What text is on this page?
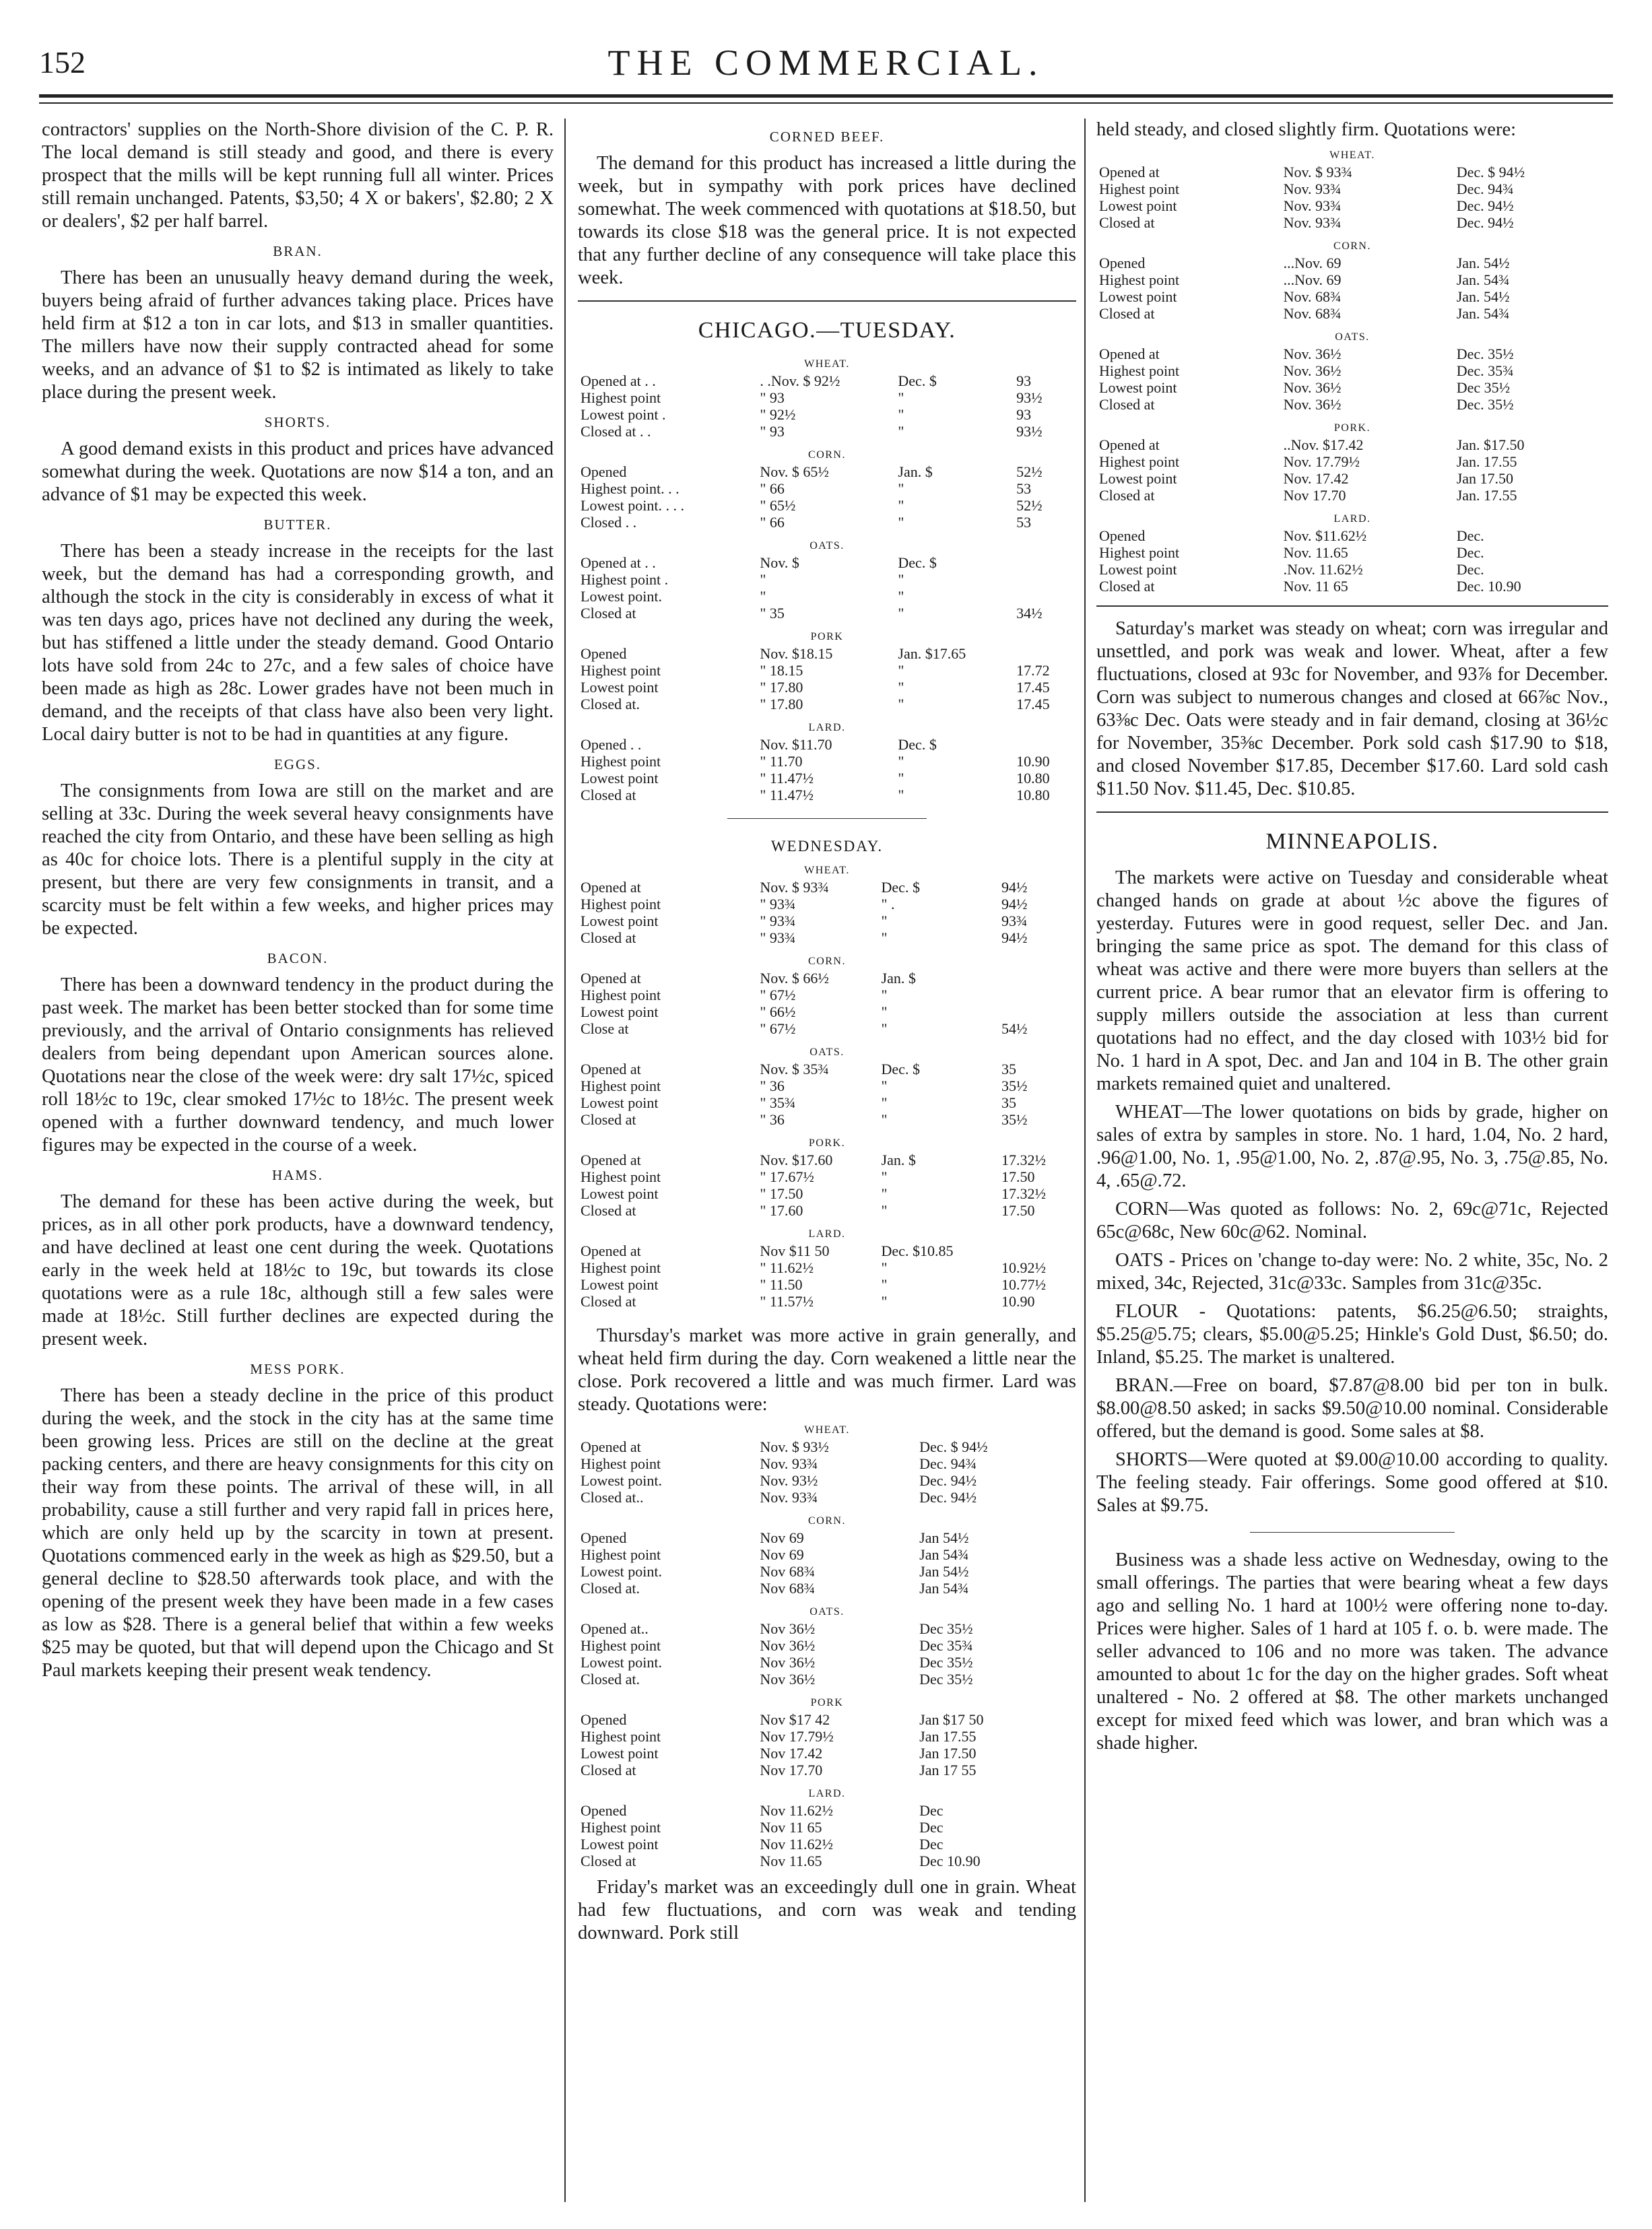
152	THE COMMERCIAL.

contractors' supplies on the North-Shore division of the C. P. R. The local demand is still steady and good, and there is every prospect that the mills will be kept running full all winter. Prices still remain unchanged. Patents, $3,50; 4 X or bakers', $2.80; 2 X or dealers', $2 per half barrel.

BRAN.

There has been an unusually heavy demand during the week, buyers being afraid of further advances taking place. Prices have held firm at $12 a ton in car lots, and $13 in smaller quantities. The millers have now their supply contracted ahead for some weeks, and an advance of $1 to $2 is intimated as likely to take place during the present week.

SHORTS.

A good demand exists in this product and prices have advanced somewhat during the week. Quotations are now $14 a ton, and an advance of $1 may be expected this week.

BUTTER.

There has been a steady increase in the receipts for the last week, but the demand has had a corresponding growth, and although the stock in the city is considerably in excess of what it was ten days ago, prices have not declined any during the week, but has stiffened a little under the steady demand. Good Ontario lots have sold from 24c to 27c, and a few sales of choice have been made as high as 28c. Lower grades have not been much in demand, and the receipts of that class have also been very light. Local dairy butter is not to be had in quantities at any figure.

EGGS.

The consignments from Iowa are still on the market and are selling at 33c. During the week several heavy consignments have reached the city from Ontario, and these have been selling as high as 40c for choice lots. There is a plentiful supply in the city at present, but there are very few consignments in transit, and a scarcity must be felt within a few weeks, and higher prices may be expected.

BACON.

There has been a downward tendency in the product during the past week. The market has been better stocked than for some time previously, and the arrival of Ontario consignments has relieved dealers from being dependant upon American sources alone. Quotations near the close of the week were: dry salt 17½c, spiced roll 18½c to 19c, clear smoked 17½c to 18½c. The present week opened with a further downward tendency, and much lower figures may be expected in the course of a week.

HAMS.

The demand for these has been active during the week, but prices, as in all other pork products, have a downward tendency, and have declined at least one cent during the week. Quotations early in the week held at 18½c to 19c, but towards its close quotations were as a rule 18c, although still a few sales were made at 18½c. Still further declines are expected during the present week.

MESS PORK.

There has been a steady decline in the price of this product during the week, and the stock in the city has at the same time been growing less. Prices are still on the decline at the great packing centers, and there are heavy consignments for this city on their way from these points. The arrival of these will, in all probability, cause a still further and very rapid fall in prices here, which are only held up by the scarcity in town at present. Quotations commenced early in the week as high as $29.50, but a general decline to $28.50 afterwards took place, and with the opening of the present week they have been made in a few cases as low as $28. There is a general belief that within a few weeks $25 may be quoted, but that will depend upon the Chicago and St Paul markets keeping their present weak tendency.

CORNED BEEF.

The demand for this product has increased a little during the week, but in sympathy with pork prices have declined somewhat. The week commenced with quotations at $18.50, but towards its close $18 was the general price. It is not expected that any further decline of any consequence will take place this week.

CHICAGO.—TUESDAY.
WHEAT.			
Opened at . .	. .Nov. $ 92½	Dec. $	93
Highest point	" 93	"	93½
Lowest point .	" 92½	"	93
Closed at . .	" 93	"	93½

CORN.			
Opened	Nov. $ 65½	Jan. $	52½
Highest point. . .	" 66	"	53
Lowest point. . . .	" 65½	"	52½
Closed . .	" 66	"	53

OATS.			
Opened at . .	Nov. $	Dec. $	
Highest point .	"	"	
Lowest point.	"	"	
Closed at	" 35	"	34½

PORK			
Opened	Nov. $18.15	Jan. $17.65	
Highest point	" 18.15	"	17.72
Lowest point	" 17.80	"	17.45
Closed at.	" 17.80	"	17.45

LARD.			
Opened . .	Nov. $11.70	Dec. $	
Highest point	" 11.70	"	10.90
Lowest point	" 11.47½	"	10.80
Closed at	" 11.47½	"	10.80
WEDNESDAY.
WHEAT.			
Opened at	Nov. $ 93¾	Dec. $	94½
Highest point	" 93¾	" .	94½
Lowest point	" 93¾	"	93¾
Closed at	" 93¾	"	94½

CORN.			
Opened at	Nov. $ 66½	Jan. $	
Highest point	" 67½	"	
Lowest point	" 66½	"	
Close at	" 67½	"	54½

OATS.			
Opened at	Nov. $ 35¾	Dec. $	35
Highest point	" 36	"	35½
Lowest point	" 35¾	"	35
Closed at	" 36	"	35½

PORK.			
Opened at	Nov. $17.60	Jan. $	17.32½
Highest point	" 17.67½	"	17.50
Lowest point	" 17.50	"	17.32½
Closed at	" 17.60	"	17.50

LARD.			
Opened at	Nov $11 50	Dec. $10.85	
Highest point	" 11.62½	"	10.92½
Lowest point	" 11.50	"	10.77½
Closed at	" 11.57½	"	10.90

Thursday's market was more active in grain generally, and wheat held firm during the day. Corn weakened a little near the close. Pork recovered a little and was much firmer. Lard was steady. Quotations were:

WHEAT.			
Opened at	Nov. $ 93½	Dec. $ 94½	
Highest point	Nov. 93¾	Dec. 94¾	
Lowest point.	Nov. 93½	Dec. 94½	
Closed at..	Nov. 93¾	Dec. 94½	

CORN.			
Opened	Nov 69	Jan 54½	
Highest point	Nov 69	Jan 54¾	
Lowest point.	Nov 68¾	Jan 54½	
Closed at.	Nov 68¾	Jan 54¾	

OATS.			
Opened at..	Nov 36½	Dec 35½	
Highest point	Nov 36½	Dec 35¾	
Lowest point.	Nov 36½	Dec 35½	
Closed at.	Nov 36½	Dec 35½	

PORK			
Opened	Nov $17 42	Jan $17 50	
Highest point	Nov 17.79½	Jan 17.55	
Lowest point	Nov 17.42	Jan 17.50	
Closed at	Nov 17.70	Jan 17 55	

LARD.			
Opened	Nov 11.62½	Dec	
Highest point	Nov 11 65	Dec	
Lowest point	Nov 11.62½	Dec	
Closed at	Nov 11.65	Dec 10.90	

Friday's market was an exceedingly dull one in grain. Wheat had few fluctuations, and corn was weak and tending downward. Pork still

held steady, and closed slightly firm. Quotations were:

WHEAT.			
Opened at	Nov. $ 93¾	Dec. $ 94½	
Highest point	Nov. 93¾	Dec. 94¾	
Lowest point	Nov. 93¾	Dec. 94½	
Closed at	Nov. 93¾	Dec. 94½	

CORN.			
Opened	...Nov. 69	Jan. 54½	
Highest point	...Nov. 69	Jan. 54¾	
Lowest point	Nov. 68¾	Jan. 54½	
Closed at	Nov. 68¾	Jan. 54¾	

OATS.			
Opened at	Nov. 36½	Dec. 35½	
Highest point	Nov. 36½	Dec. 35¾	
Lowest point	Nov. 36½	Dec 35½	
Closed at	Nov. 36½	Dec. 35½	

PORK.			
Opened at	..Nov. $17.42	Jan. $17.50	
Highest point	Nov. 17.79½	Jan. 17.55	
Lowest point	Nov. 17.42	Jan 17.50	
Closed at	Nov 17.70	Jan. 17.55	

LARD.			
Opened	Nov. $11.62½	Dec.	
Highest point	Nov. 11.65	Dec.	
Lowest point	.Nov. 11.62½	Dec.	
Closed at	Nov. 11 65	Dec. 10.90	

Saturday's market was steady on wheat; corn was irregular and unsettled, and pork was weak and lower. Wheat, after a few fluctuations, closed at 93c for November, and 93⅞ for December. Corn was subject to numerous changes and closed at 66⅞c Nov., 63⅜c Dec. Oats were steady and in fair demand, closing at 36½c for November, 35⅜c December. Pork sold cash $17.90 to $18, and closed November $17.85, December $17.60. Lard sold cash $11.50 Nov. $11.45, Dec. $10.85.

MINNEAPOLIS.

The markets were active on Tuesday and considerable wheat changed hands on grade at about ½c above the figures of yesterday. Futures were in good request, seller Dec. and Jan. bringing the same price as spot. The demand for this class of wheat was active and there were more buyers than sellers at the current price. A bear rumor that an elevator firm is offering to supply millers outside the association at less than current quotations had no effect, and the day closed with 103½ bid for No. 1 hard in A spot, Dec. and Jan and 104 in B. The other grain markets remained quiet and unaltered.

WHEAT—The lower quotations on bids by grade, higher on sales of extra by samples in store. No. 1 hard, 1.04, No. 2 hard, .96@1.00, No. 1, .95@1.00, No. 2, .87@.95, No. 3, .75@.85, No. 4, .65@.72.

CORN—Was quoted as follows: No. 2, 69c@71c, Rejected 65c@68c, New 60c@62. Nominal.

OATS - Prices on 'change to-day were: No. 2 white, 35c, No. 2 mixed, 34c, Rejected, 31c@33c. Samples from 31c@35c.

FLOUR - Quotations: patents, $6.25@6.50; straights, $5.25@5.75; clears, $5.00@5.25; Hinkle's Gold Dust, $6.50; do. Inland, $5.25. The market is unaltered.

BRAN.—Free on board, $7.87@8.00 bid per ton in bulk. $8.00@8.50 asked; in sacks $9.50@10.00 nominal. Considerable offered, but the demand is good. Some sales at $8.

SHORTS—Were quoted at $9.00@10.00 according to quality. The feeling steady. Fair offerings. Some good offered at $10. Sales at $9.75.

Business was a shade less active on Wednesday, owing to the small offerings. The parties that were bearing wheat a few days ago and selling No. 1 hard at 100½ were offering none to-day. Prices were higher. Sales of 1 hard at 105 f. o. b. were made. The seller advanced to 106 and no more was taken. The advance amounted to about 1c for the day on the higher grades. Soft wheat unaltered - No. 2 offered at $8. The other markets unchanged except for mixed feed which was lower, and bran which was a shade higher.
